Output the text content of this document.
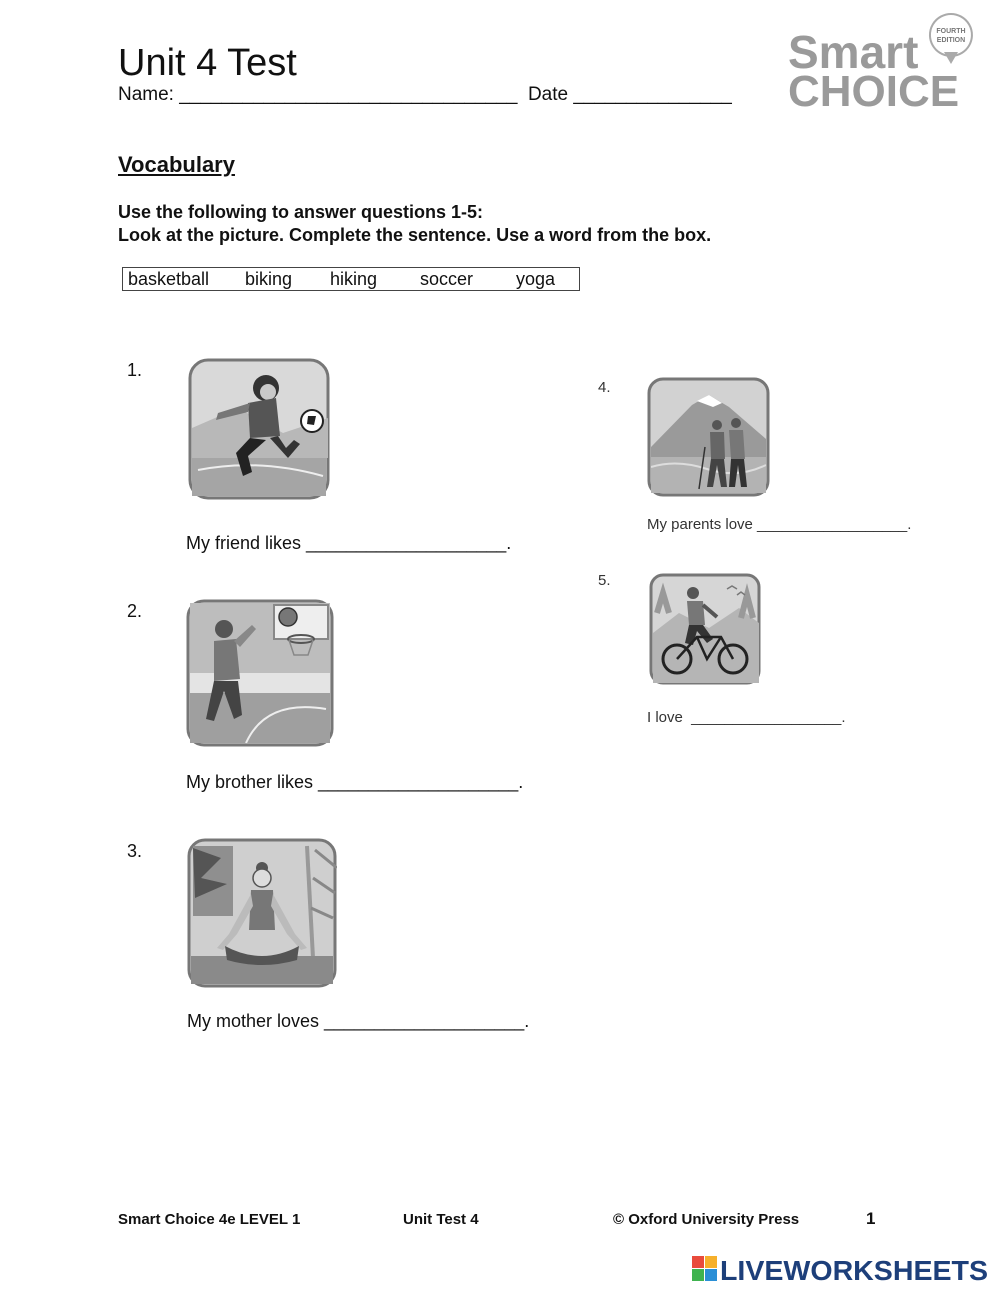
Unit 4 Test
Name: ________________________________  Date _______________
Smart
CHOICE
FOURTH
EDITION
Vocabulary
Use the following to answer questions 1-5:
Look at the picture. Complete the sentence. Use a word from the box.
basketball biking hiking soccer yoga
1.
My friend likes ____________________.
2.
My brother likes ____________________.
3.
My mother loves ____________________.
4.
My parents love __________________.
5.
I love  __________________.
Smart Choice 4e LEVEL 1	Unit Test 4	© Oxford University Press	1
LIVEWORKSHEETS
